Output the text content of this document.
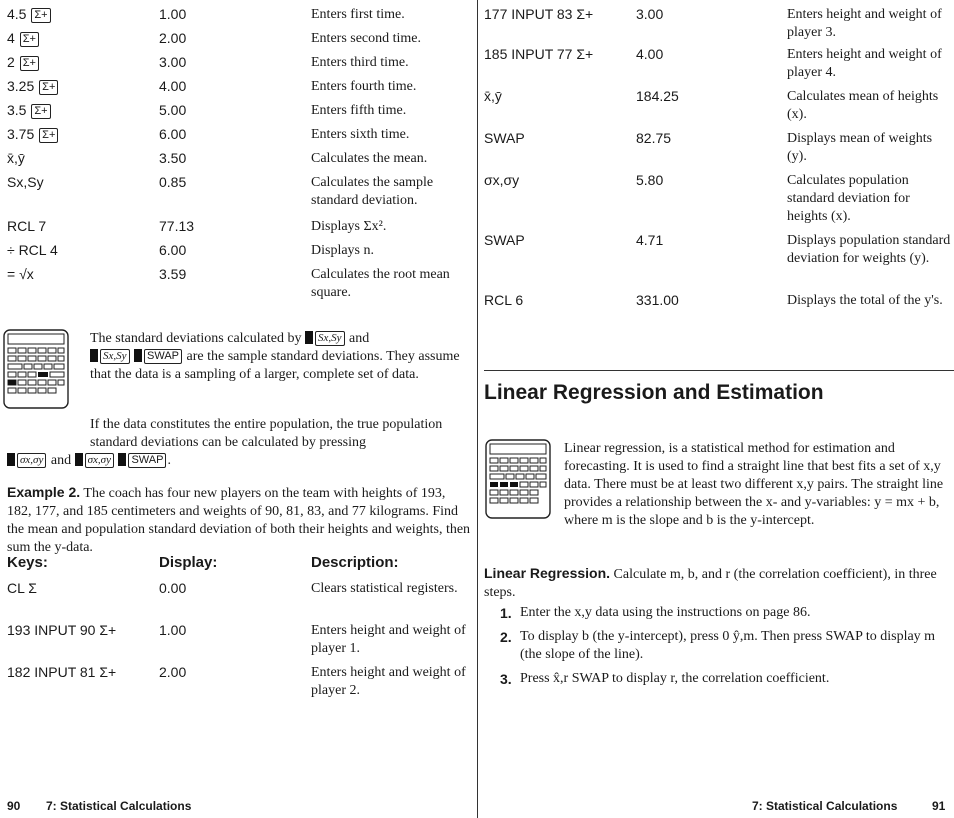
4.5 Σ+	1.00	Enters first time.
4 Σ+	2.00	Enters second time.
2 Σ+	3.00	Enters third time.
3.25 Σ+	4.00	Enters fourth time.
3.5 Σ+	5.00	Enters fifth time.
3.75 Σ+	6.00	Enters sixth time.
x̄,ȳ	3.50	Calculates the mean.
Sx,Sy	0.85	Calculates the sample standard deviation.
RCL 7	77.13	Displays Σx².
÷ RCL 4	6.00	Displays n.
= √x	3.59	Calculates the root mean square.
The standard deviations calculated by Sx,Sy and
Sx,Sy SWAP are the sample standard deviations. They assume that the data is a sampling of a larger, complete set of data.
If the data constitutes the entire population, the true population standard deviations can be calculated by pressing
σx,σy and σx,σy SWAP .
Example 2. The coach has four new players on the team with heights of 193, 182, 177, and 185 centimeters and weights of 90, 81, 83, and 77 kilograms. Find the mean and population standard deviation of both their heights and weights, then sum the y-data.
Keys:	Display:	Description:
CL Σ	0.00	Clears statistical registers.
193 INPUT 90 Σ+	1.00	Enters height and weight of player 1.
182 INPUT 81 Σ+	2.00	Enters height and weight of player 2.
90 7: Statistical Calculations
177 INPUT 83 Σ+	3.00	Enters height and weight of player 3.
185 INPUT 77 Σ+	4.00	Enters height and weight of player 4.
x̄,ȳ	184.25	Calculates mean of heights (x).
SWAP	82.75	Displays mean of weights (y).
σx,σy	5.80	Calculates population standard deviation for heights (x).
SWAP	4.71	Displays population standard deviation for weights (y).
RCL 6	331.00	Displays the total of the y's.
Linear Regression and Estimation
Linear regression, is a statistical method for estimation and forecasting. It is used to find a straight line that best fits a set of x,y data. There must be at least two different x,y pairs. The straight line provides a relationship between the x- and y-variables: y = mx + b, where m is the slope and b is the y-intercept.
Linear Regression. Calculate m, b, and r (the correlation coefficient), in three steps.
1. Enter the x,y data using the instructions on page 86.
2. To display b (the y-intercept), press 0 ŷ,m. Then press SWAP to display m (the slope of the line).
3. Press x̂,r SWAP to display r, the correlation coefficient.
7: Statistical Calculations	91
